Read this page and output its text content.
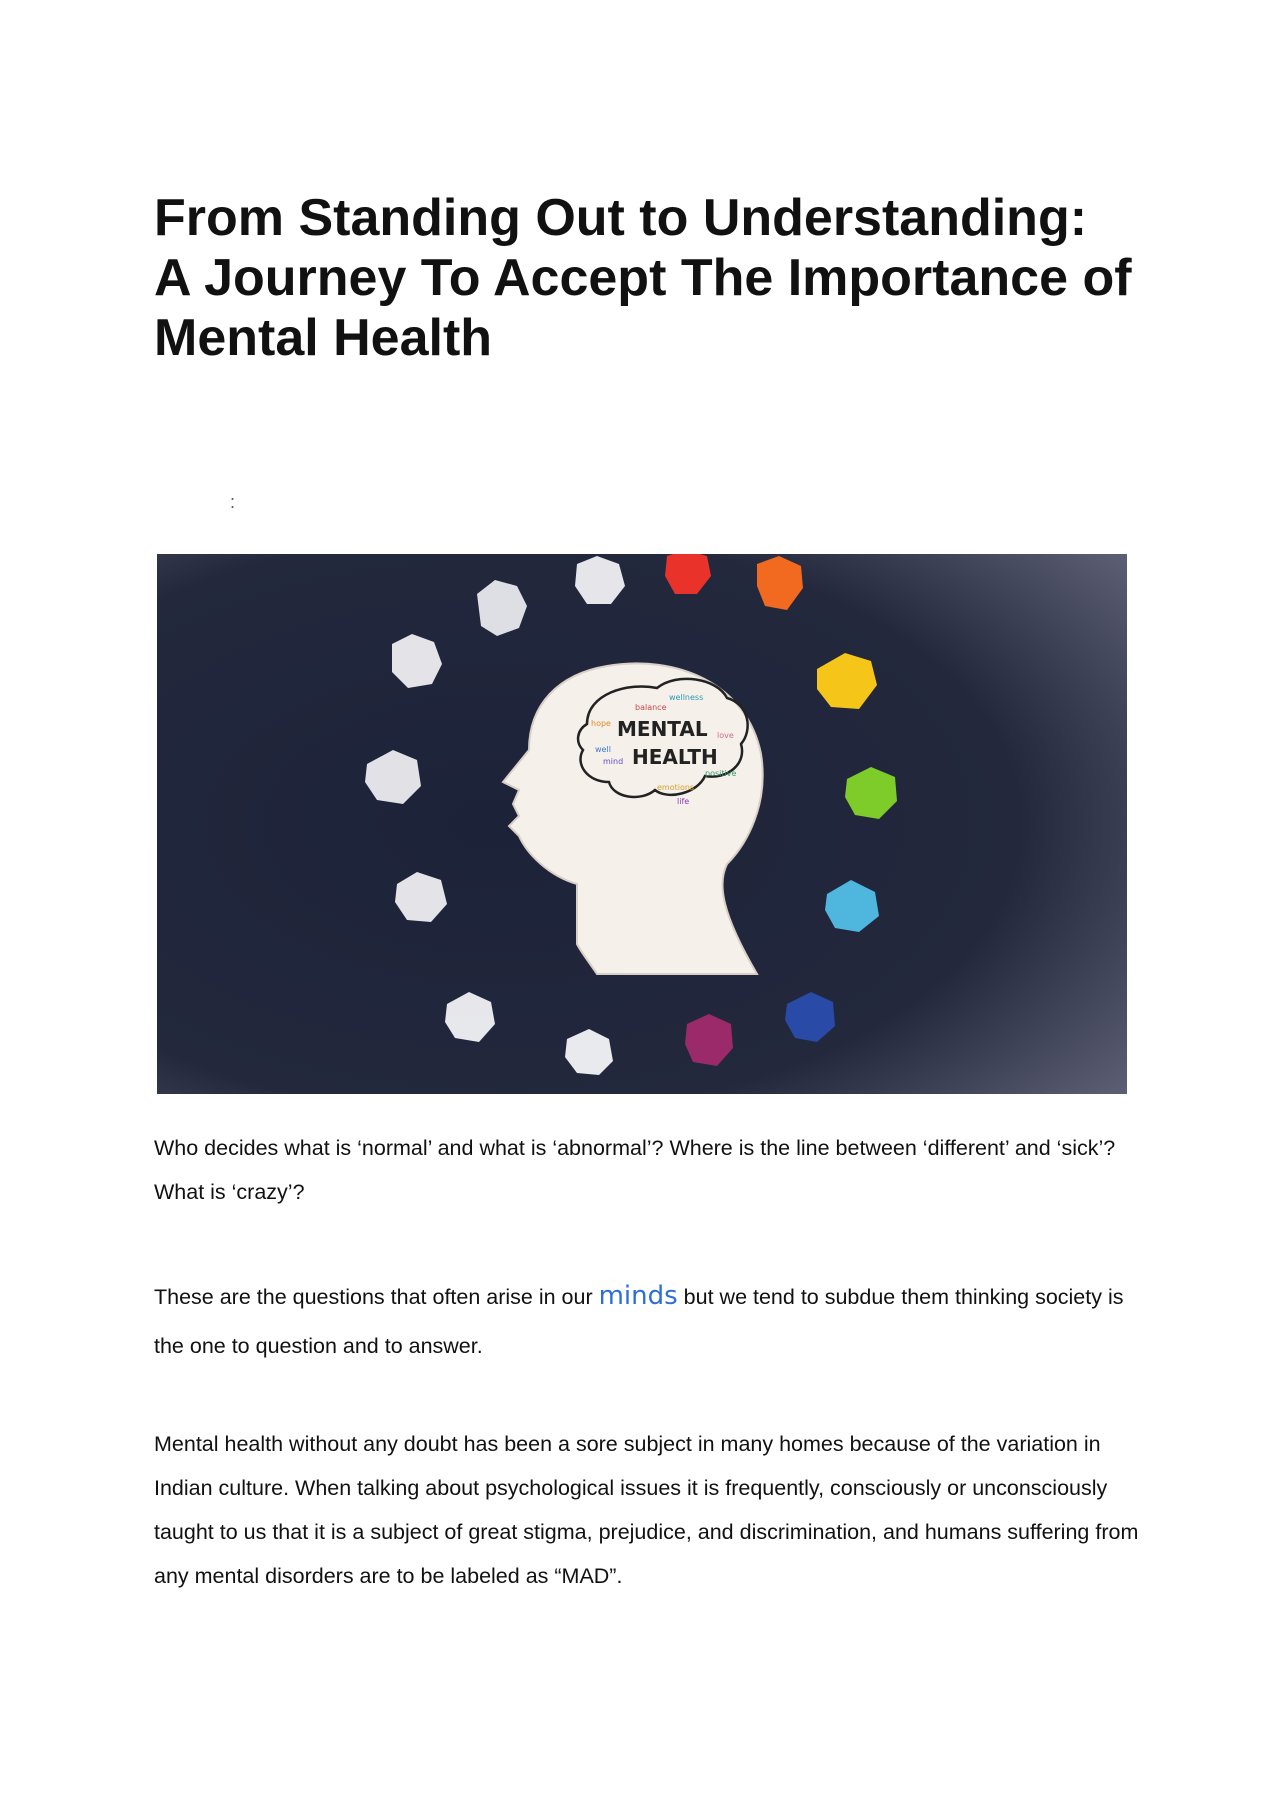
From Standing Out to Understanding: A Journey To Accept The Importance of Mental Health
:
MENTAL
HEALTH
love
positive
hope
well
mind
balance
emotions
wellness
life

Who decides what is ‘normal’ and what is ‘abnormal’? Where is the line between ‘different’ and ‘sick’? What is ‘crazy’?

These are the questions that often arise in our minds but we tend to subdue them thinking society is the one to question and to answer.

Mental health without any doubt has been a sore subject in many homes because of the variation in Indian culture. When talking about psychological issues it is frequently, consciously or unconsciously taught to us that it is a subject of great stigma, prejudice, and discrimination, and humans suffering from any mental disorders are to be labeled as “MAD”.
